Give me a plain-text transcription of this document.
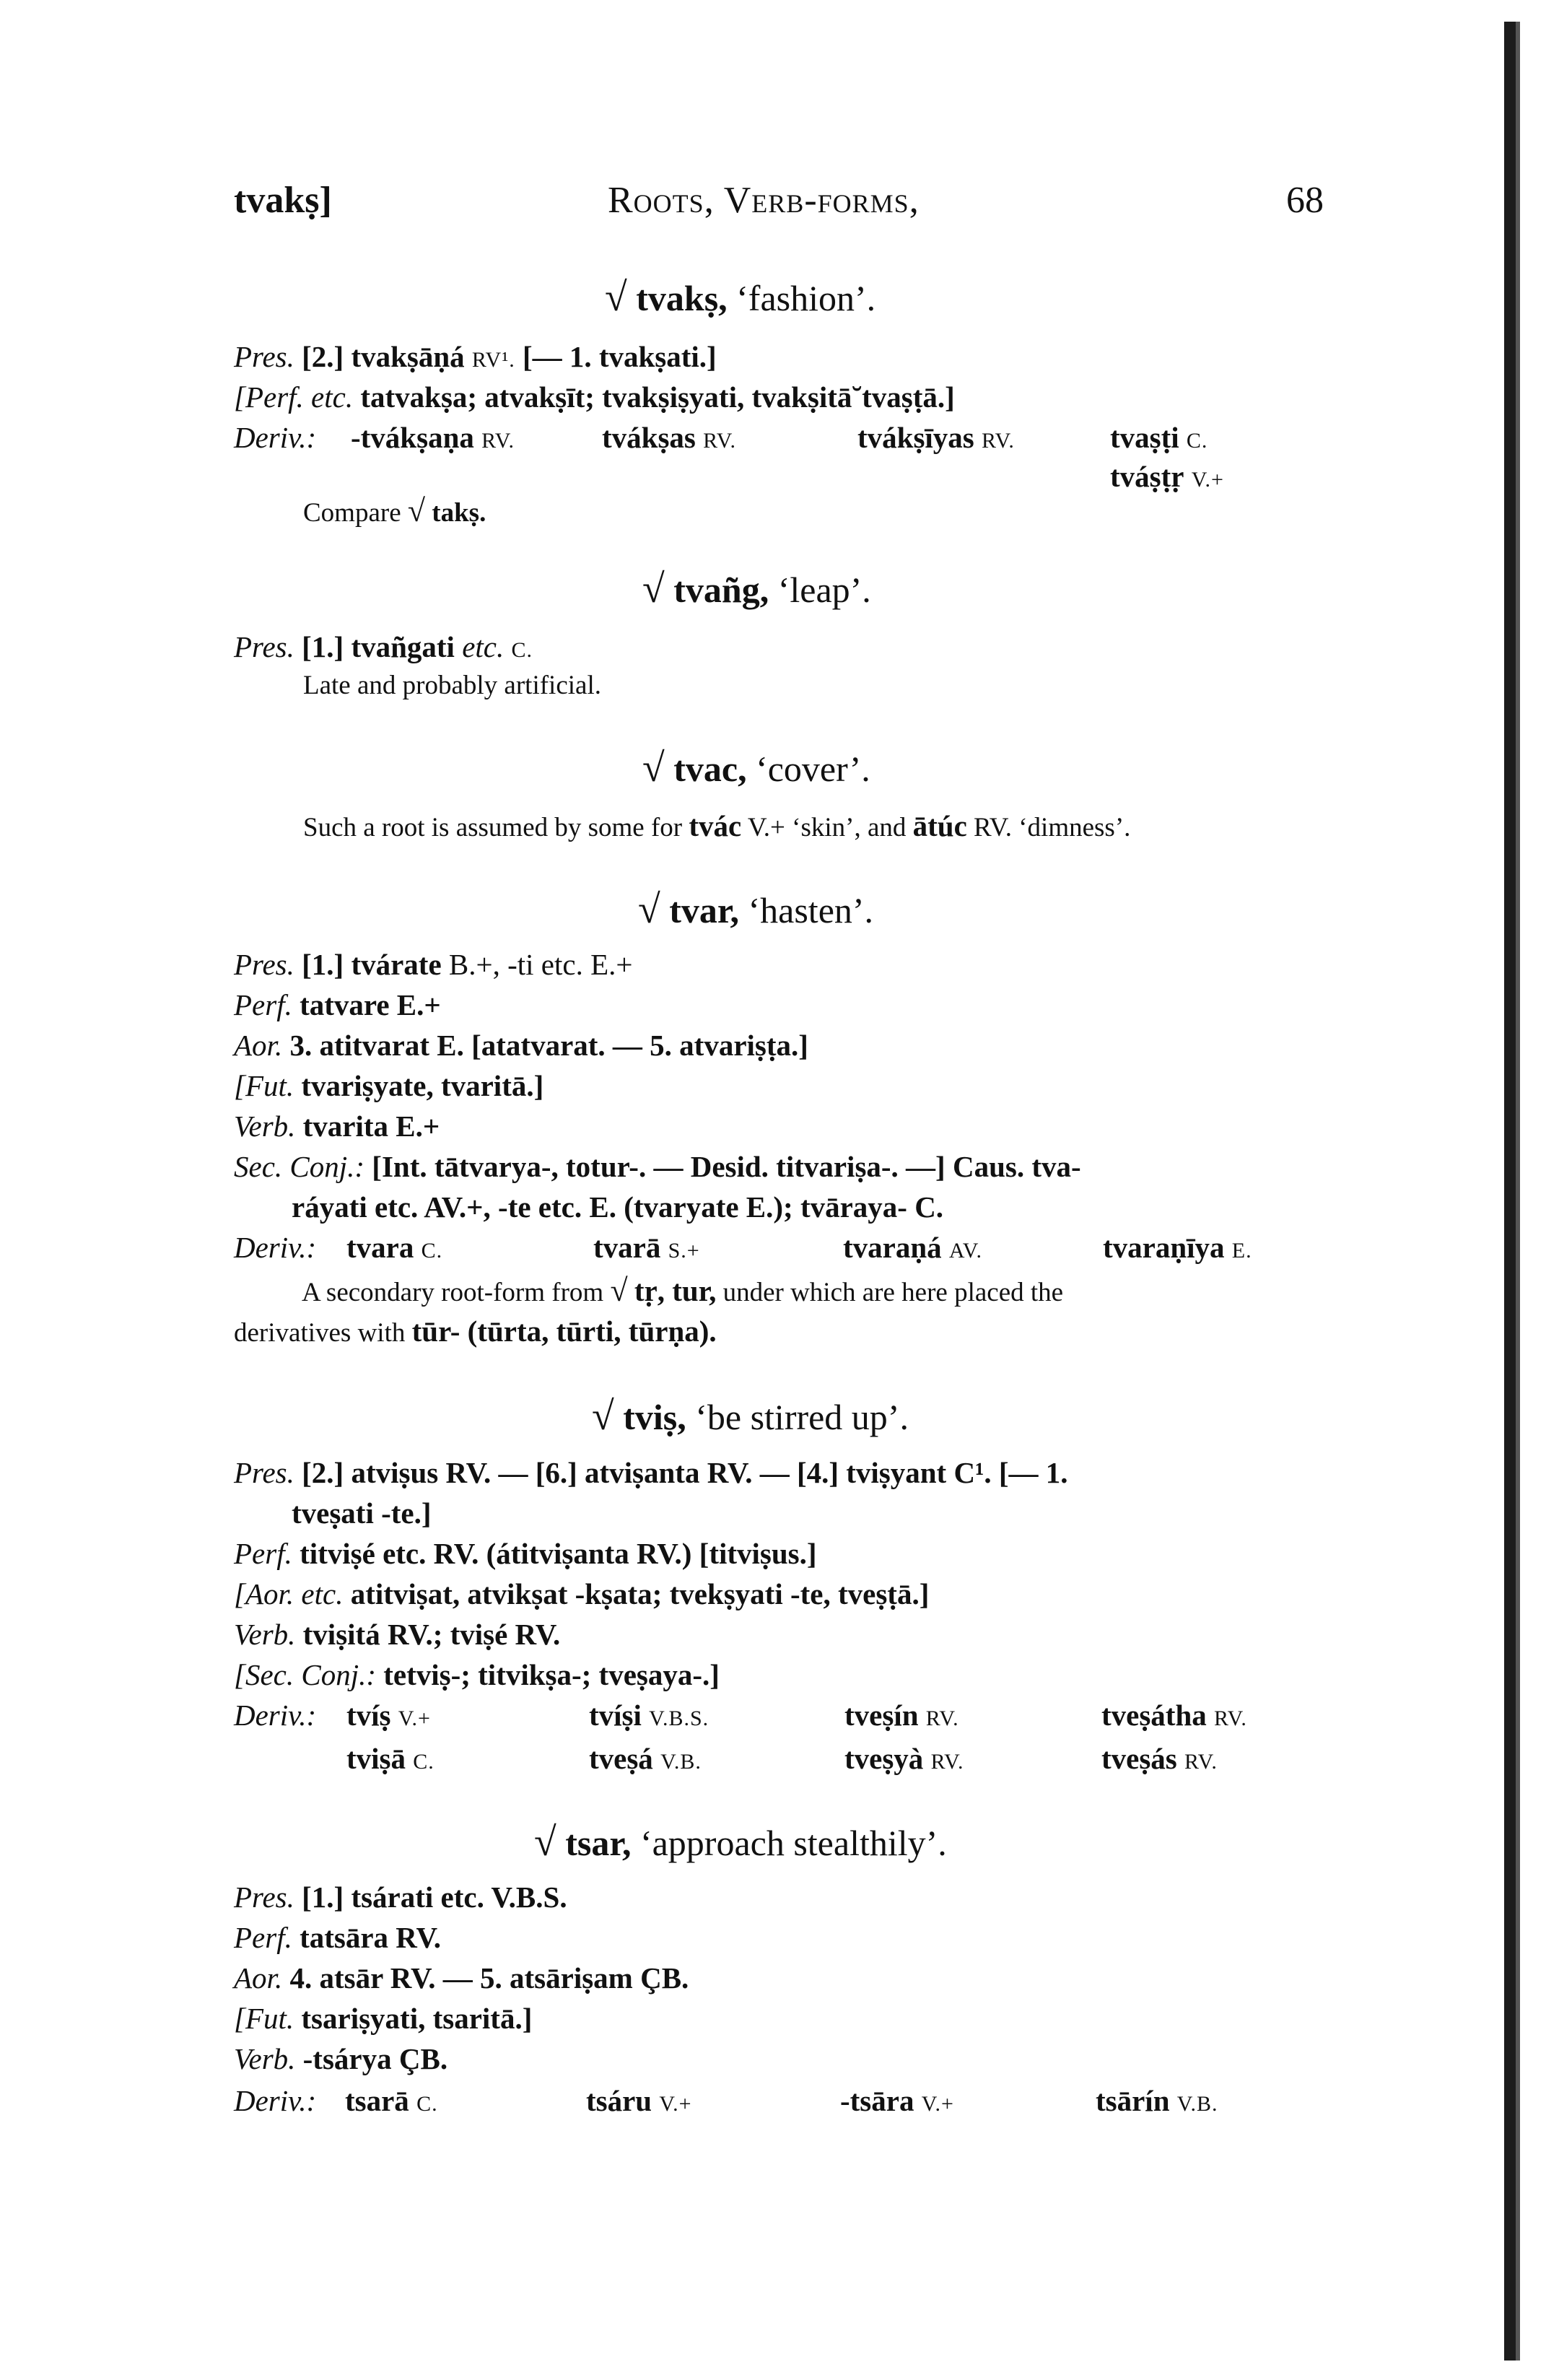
tvakṣ]	Roots, Verb-forms,	68
√ tvakṣ, ‘fashion’.
Pres. [2.] tvakṣāṇá RV¹. [— 1. tvakṣati.]
[Perf. etc. tatvakṣa; atvakṣīt; tvakṣiṣyati, tvakṣitā˘tvaṣṭā.]
Deriv.: -tvákṣaṇa RV.	tvákṣas RV.	tvákṣīyas RV.	tvaṣṭi C.
tváṣṭṛ V.+
Compare √ takṣ.
√ tvañg, ‘leap’.
Pres. [1.] tvañgati etc. C.
Late and probably artificial.
√ tvac, ‘cover’.
Such a root is assumed by some for tvác V.+ ‘skin’, and ātúc RV. ‘dimness’.
√ tvar, ‘hasten’.
Pres. [1.] tvárate B.+, -ti etc. E.+
Perf. tatvare E.+
Aor. 3. atitvarat E. [atatvarat. — 5. atvariṣṭa.]
[Fut. tvariṣyate, tvaritā.]
Verb. tvarita E.+
Sec. Conj.: [Int. tātvarya-, totur-. — Desid. titvariṣa-. —] Caus. tva-
ráyati etc. AV.+, -te etc. E. (tvaryate E.); tvāraya- C.
Deriv.: tvara C.	tvarā S.+	tvaraṇá AV.	tvaraṇīya E.
A secondary root-form from √ tṛ, tur, under which are here placed the
derivatives with tūr- (tūrta, tūrti, tūrṇa).
√ tviṣ, ‘be stirred up’.
Pres. [2.] atviṣus RV. — [6.] atviṣanta RV. — [4.] tviṣyant C¹. [— 1.
tveṣati -te.]
Perf. titviṣé etc. RV. (átitviṣanta RV.) [titviṣus.]
[Aor. etc. atitviṣat, atvikṣat -kṣata; tvekṣyati -te, tveṣṭā.]
Verb. tviṣitá RV.; tviṣé RV.
[Sec. Conj.: tetviṣ-; titvikṣa-; tveṣaya-.]
Deriv.: tvíṣ V.+	tvíṣi V.B.S.	tveṣín RV.	tveṣátha RV.
tviṣā C.	tveṣá V.B.	tveṣyà RV.	tveṣás RV.
√ tsar, ‘approach stealthily’.
Pres. [1.] tsárati etc. V.B.S.
Perf. tatsāra RV.
Aor. 4. atsār RV. — 5. atsāriṣam ÇB.
[Fut. tsariṣyati, tsaritā.]
Verb. -tsárya ÇB.
Deriv.: tsarā C.	tsáru V.+	-tsāra V.+	tsārín V.B.
